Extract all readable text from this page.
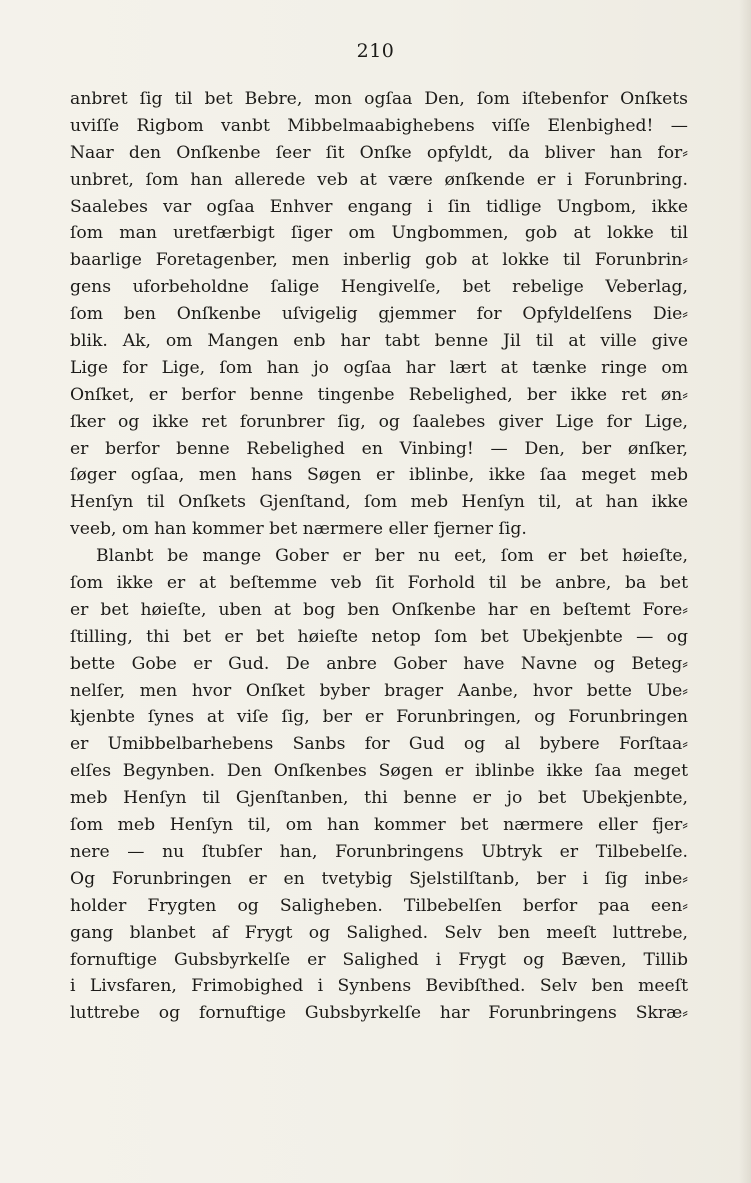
210
anbret ſig til bet Bebre, mon ogſaa Den, ſom iſtebenfor Onſkets
uviſſe Rigbom vanbt Mibbelmaabighebens viſſe Elenbighed! —
Naar den Onſkenbe ſeer ſit Onſke opfyldt, da bliver han for⸗
unbret, ſom han allerede veb at være ønſkende er i Forunbring.
Saalebes var ogſaa Enhver engang i ſin tidlige Ungbom, ikke
ſom man uretfærbigt ſiger om Ungbommen, gob at lokke til
baarlige Foretagenber, men inberlig gob at lokke til Forunbrin⸗
gens uforbeholdne ſalige Hengivelſe, bet rebelige Veberlag,
ſom ben Onſkenbe uſvigelig gjemmer for Opfyldelſens Die⸗
blik. Ak, om Mangen enb har tabt benne Jil til at ville give
Lige for Lige, ſom han jo ogſaa har lært at tænke ringe om
Onſket, er berfor benne tingenbe Rebelighed, ber ikke ret øn⸗
ſker og ikke ret forunbrer ſig, og ſaalebes giver Lige for Lige,
er berfor benne Rebelighed en Vinbing! — Den, ber ønſker,
ſøger ogſaa, men hans Søgen er iblinbe, ikke ſaa meget meb
Henſyn til Onſkets Gjenſtand, ſom meb Henſyn til, at han ikke
veeb, om han kommer bet nærmere eller fjerner ſig.
Blanbt be mange Gober er ber nu eet, ſom er bet høieſte,
ſom ikke er at beſtemme veb ſit Forhold til be anbre, ba bet
er bet høieſte, uben at bog ben Onſkenbe har en beſtemt Fore⸗
ſtilling, thi bet er bet høieſte netop ſom bet Ubekjenbte — og
bette Gobe er Gud. De anbre Gober have Navne og Beteg⸗
nelſer, men hvor Onſket byber brager Aanbe, hvor bette Ube⸗
kjenbte ſynes at viſe ſig, ber er Forunbringen, og Forunbringen
er Umibbelbarhebens Sanbs for Gud og al bybere Forſtaa⸗
elſes Begynben. Den Onſkenbes Søgen er iblinbe ikke ſaa meget
meb Henſyn til Gjenſtanben, thi benne er jo bet Ubekjenbte,
ſom meb Henſyn til, om han kommer bet nærmere eller fjer⸗
nere — nu ſtubſer han, Forunbringens Ubtryk er Tilbebelſe.
Og Forunbringen er en tvetybig Sjelstilſtanb, ber i ſig inbe⸗
holder Frygten og Salighebеn. Tilbebelſen berfor paa een⸗
gang blanbet af Frygt og Salighed. Selv ben meeſt luttrebe,
fornuftige Gubsbyrkelſe er Salighed i Frygt og Bæven, Tillib
i Livsfaren, Frimobighed i Synbens Bevibſthed. Selv ben meeſt
luttrebe og fornuftige Gubsbyrkelſe har Forunbringens Skræ⸗
